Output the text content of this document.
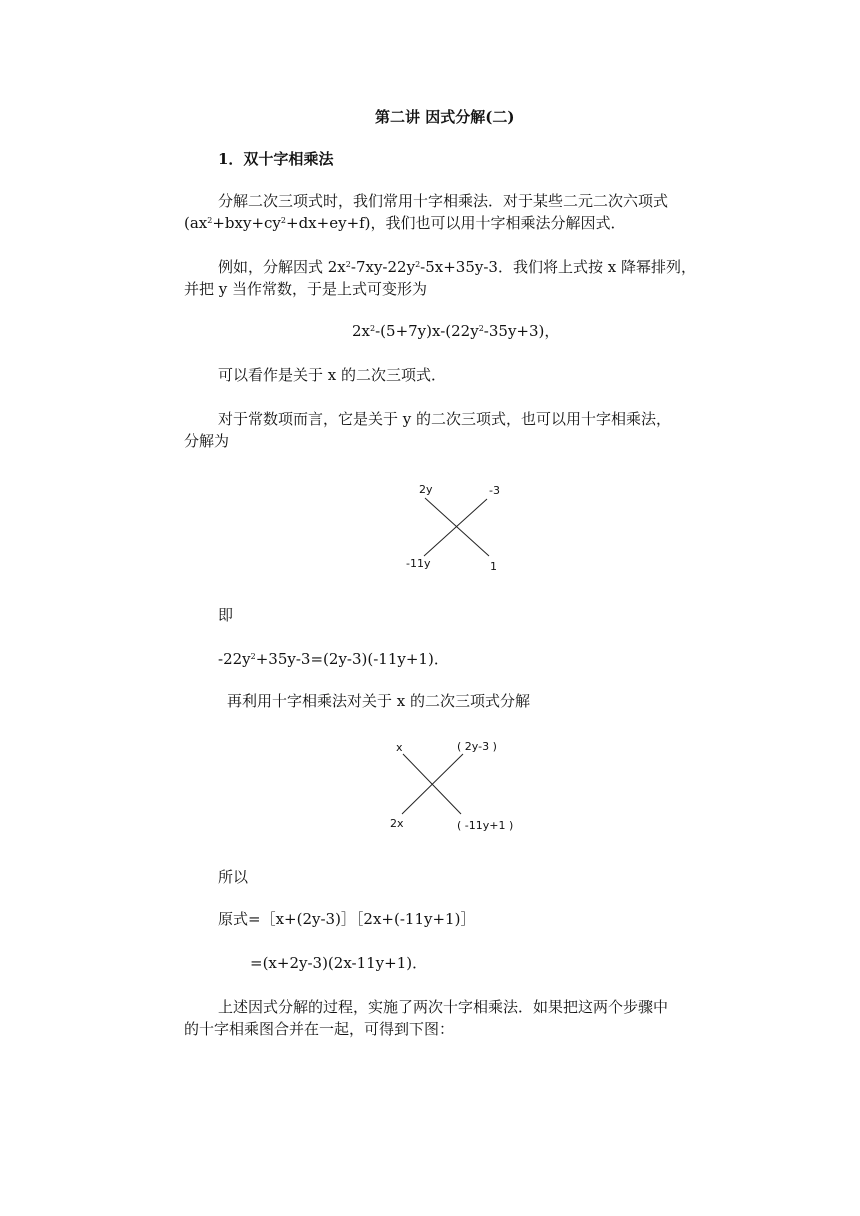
第二讲 因式分解(二)
1．双十字相乘法
分解二次三项式时，我们常用十字相乘法．对于某些二元二次六项式
$(ax^2+bxy+cy^2+dx+ey+f)$，我们也可以用十字相乘法分解因式．
例如，分解因式 $2x^2-7xy-22y^2-5x+35y-3$．我们将上式按 x 降幂排列，
并把 y 当作常数，于是上式可变形为
$2x^2-(5+7y)x-(22y^2-35y+3)$，
可以看作是关于 x 的二次三项式．
对于常数项而言，它是关于 y 的二次三项式，也可以用十字相乘法，
分解为
2y	-3
-11y	1
即
$-22y^2+35y-3=(2y-3)(-11y+1)$．
再利用十字相乘法对关于 x 的二次三项式分解
x	( 2y-3 )
2x	( -11y+1 )
所以
原式=［x+(2y-3)］［2x+(-11y+1)］
=(x+2y-3)(2x-11y+1)．
上述因式分解的过程，实施了两次十字相乘法．如果把这两个步骤中
的十字相乘图合并在一起，可得到下图：
